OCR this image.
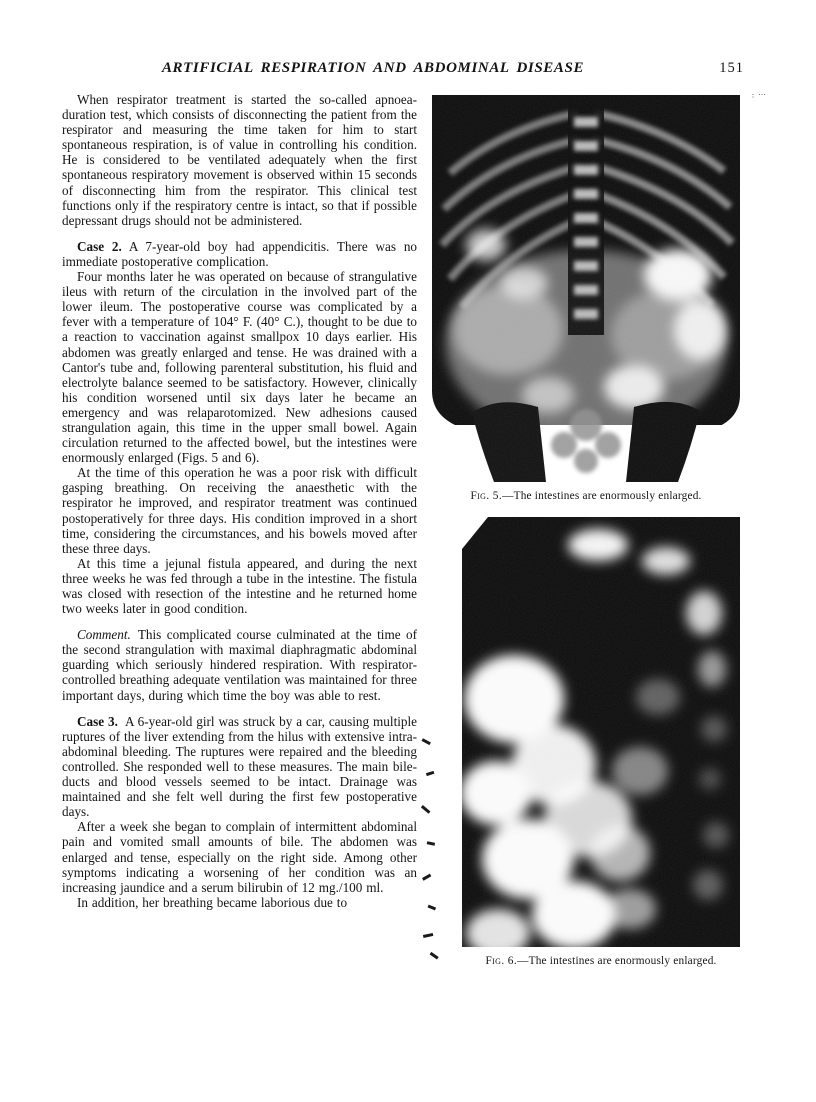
ARTIFICIAL RESPIRATION AND ABDOMINAL DISEASE	151
⋮⋯

When respirator treatment is started the so-called apnoea-duration test, which consists of disconnecting the patient from the respirator and measuring the time taken for him to start spontaneous respiration, is of value in controlling his condition. He is considered to be ventilated adequately when the first spontaneous respiratory movement is observed within 15 seconds of disconnecting him from the respirator. This clinical test functions only if the respiratory centre is intact, so that if possible depressant drugs should not be administered.

Case 2. A 7-year-old boy had appendicitis. There was no immediate postoperative complication.

Four months later he was operated on because of strangulative ileus with return of the circulation in the involved part of the lower ileum. The postoperative course was complicated by a fever with a temperature of 104° F. (40° C.), thought to be due to a reaction to vaccination against smallpox 10 days earlier. His abdomen was greatly enlarged and tense. He was drained with a Cantor's tube and, following parenteral substitution, his fluid and electrolyte balance seemed to be satisfactory. However, clinically his condition worsened until six days later he became an emergency and was relaparotomized. New adhesions caused strangulation again, this time in the upper small bowel. Again circulation returned to the affected bowel, but the intestines were enormously enlarged (Figs. 5 and 6).

At the time of this operation he was a poor risk with difficult gasping breathing. On receiving the anaesthetic with the respirator he improved, and respirator treatment was continued postoperatively for three days. His condition improved in a short time, considering the circumstances, and his bowels moved after these three days.

At this time a jejunal fistula appeared, and during the next three weeks he was fed through a tube in the intestine. The fistula was closed with resection of the intestine and he returned home two weeks later in good condition.

Comment. This complicated course culminated at the time of the second strangulation with maximal diaphragmatic abdominal guarding which seriously hindered respiration. With respirator-controlled breathing adequate ventilation was maintained for three important days, during which time the boy was able to rest.

Case 3. A 6-year-old girl was struck by a car, causing multiple ruptures of the liver extending from the hilus with extensive intra-abdominal bleeding. The ruptures were repaired and the bleeding controlled. She responded well to these measures. The main bile-ducts and blood vessels seemed to be intact. Drainage was maintained and she felt well during the first few postoperative days.

After a week she began to complain of intermittent abdominal pain and vomited small amounts of bile. The abdomen was enlarged and tense, especially on the right side. Among other symptoms indicating a worsening of her condition was an increasing jaundice and a serum bilirubin of 12 mg./100 ml.

In addition, her breathing became laborious due to

Fig. 5.—The intestines are enormously enlarged.
Fig. 6.—The intestines are enormously enlarged.
